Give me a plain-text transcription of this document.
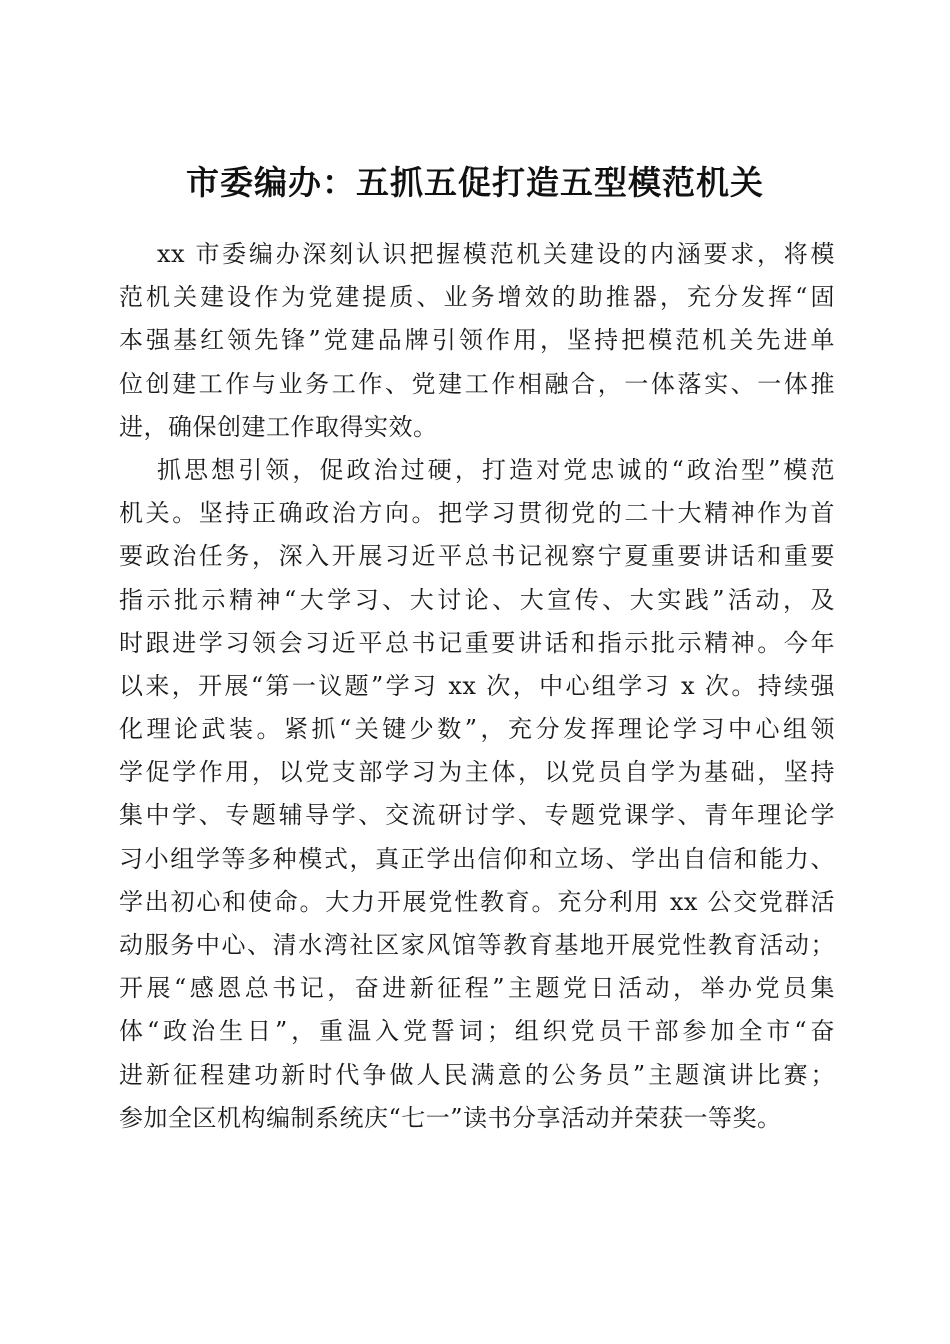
市委编办：五抓五促打造五型模范机关

xx 市委编办深刻认识把握模范机关建设的内涵要求，将模
范机关建设作为党建提质、业务增效的助推器，充分发挥“固
本强基红领先锋”党建品牌引领作用，坚持把模范机关先进单
位创建工作与业务工作、党建工作相融合，一体落实、一体推
进，确保创建工作取得实效。

抓思想引领，促政治过硬，打造对党忠诚的“政治型”模范
机关。坚持正确政治方向。把学习贯彻党的二十大精神作为首
要政治任务，深入开展习近平总书记视察宁夏重要讲话和重要
指示批示精神“大学习、大讨论、大宣传、大实践”活动，及
时跟进学习领会习近平总书记重要讲话和指示批示精神。今年
以来，开展“第一议题”学习 xx 次，中心组学习 x 次。持续强
化理论武装。紧抓“关键少数”，充分发挥理论学习中心组领
学促学作用，以党支部学习为主体，以党员自学为基础，坚持
集中学、专题辅导学、交流研讨学、专题党课学、青年理论学
习小组学等多种模式，真正学出信仰和立场、学出自信和能力、
学出初心和使命。大力开展党性教育。充分利用 xx 公交党群活
动服务中心、清水湾社区家风馆等教育基地开展党性教育活动；
开展“感恩总书记，奋进新征程”主题党日活动，举办党员集
体“政治生日”，重温入党誓词；组织党员干部参加全市“奋
进新征程建功新时代争做人民满意的公务员”主题演讲比赛；
参加全区机构编制系统庆“七一”读书分享活动并荣获一等奖。
